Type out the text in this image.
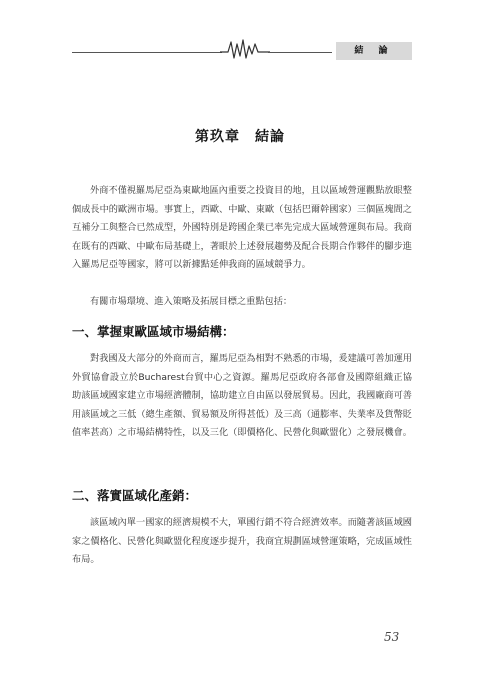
結 論
第玖章　結論

外商不僅視羅馬尼亞為東歐地區內重要之投資目的地，且以區域營運觀點放眼整個成長中的歐洲市場。事實上，西歐、中歐、東歐（包括巴爾幹國家）三個區塊間之互補分工與整合已然成型，外國特別是跨國企業已率先完成大區域營運與布局。我商在既有的西歐、中歐布局基礎上，著眼於上述發展趨勢及配合長期合作夥伴的腳步進入羅馬尼亞等國家，將可以新據點延伸我商的區域競爭力。

有關市場環境、進入策略及拓展目標之重點包括：

一、掌握東歐區域市場結構：

對我國及大部分的外商而言，羅馬尼亞為相對不熟悉的市場，爰建議可善加運用外貿協會設立於Bucharest台貿中心之資源。羅馬尼亞政府各部會及國際組織正協助該區域國家建立市場經濟體制，協助建立自由區以發展貿易。因此，我國廠商可善用該區域之三低（總生產額、貿易額及所得甚低）及三高（通膨率、失業率及貨幣貶值率甚高）之市場結構特性，以及三化（即價格化、民營化與歐盟化）之發展機會。

二、落實區域化產銷：

該區域內單一國家的經濟規模不大，單國行銷不符合經濟效率。而隨著該區域國家之價格化、民營化與歐盟化程度逐步提升，我商宜規劃區域營運策略，完成區域性布局。

53
